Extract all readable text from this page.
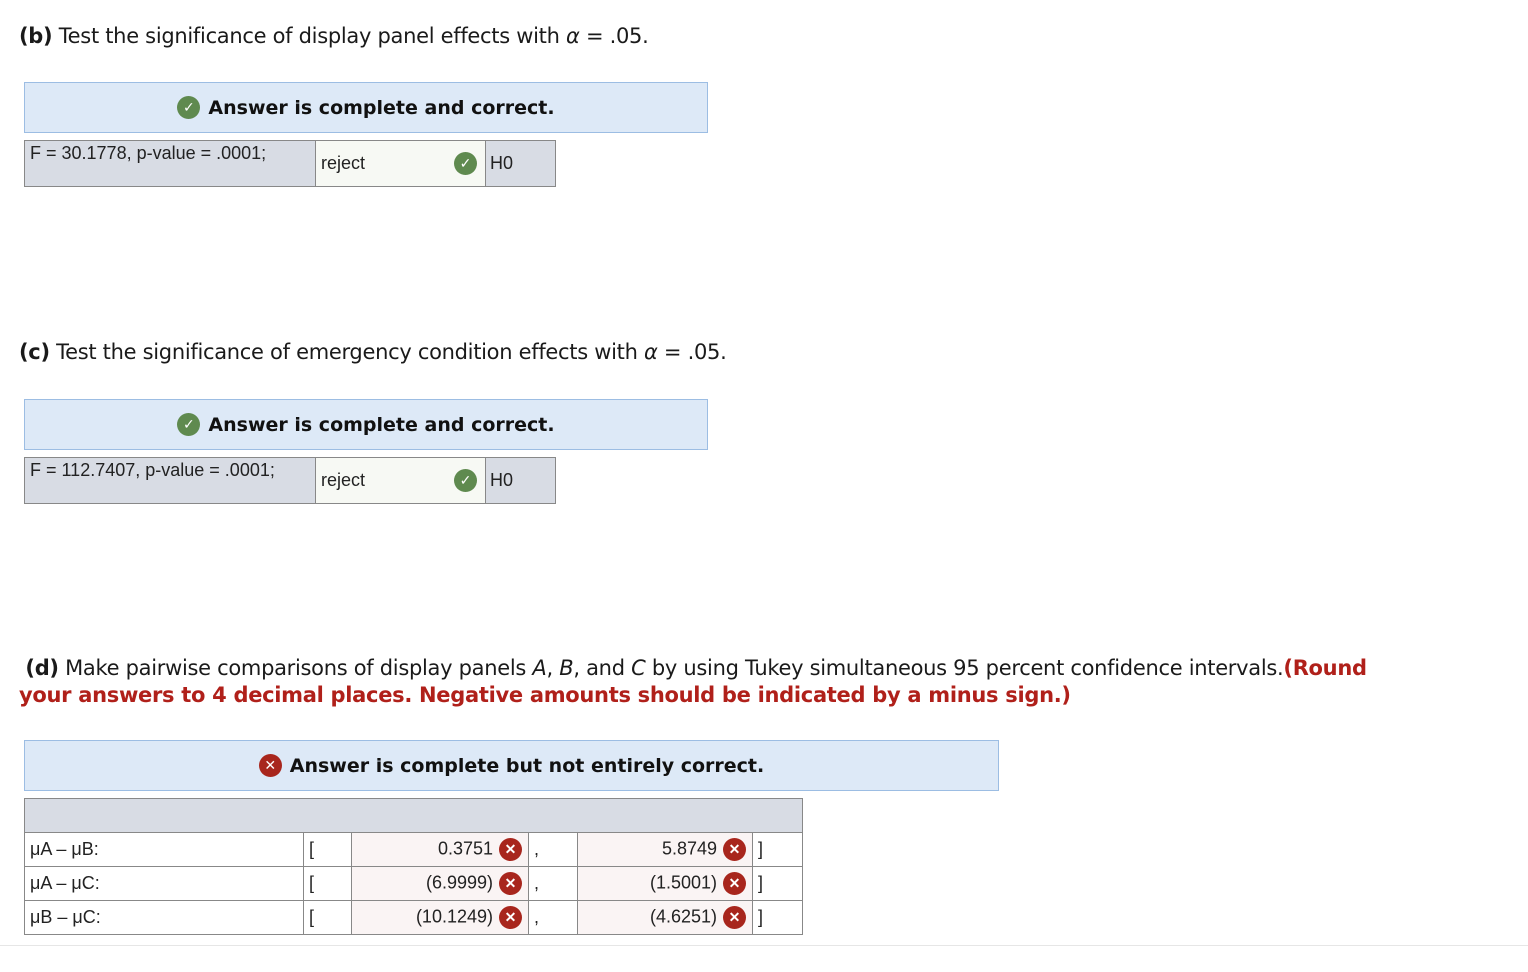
(b) Test the significance of display panel effects with α = .05.
✓ Answer is complete and correct.
F = 30.1778, p-value = .0001;	reject	✓	H0
(c) Test the significance of emergency condition effects with α = .05.
✓ Answer is complete and correct.
F = 112.7407, p-value = .0001;	reject	✓	H0
(d) Make pairwise comparisons of display panels A, B, and C by using Tukey simultaneous 95 percent confidence intervals.(Round your answers to 4 decimal places. Negative amounts should be indicated by a minus sign.)
✕ Answer is complete but not entirely correct.

μA – μB:	[	0.3751 ✕	,	5.8749 ✕	]
μA – μC:	[	(6.9999) ✕	,	(1.5001) ✕	]
μB – μC:	[	(10.1249) ✕	,	(4.6251) ✕	]
